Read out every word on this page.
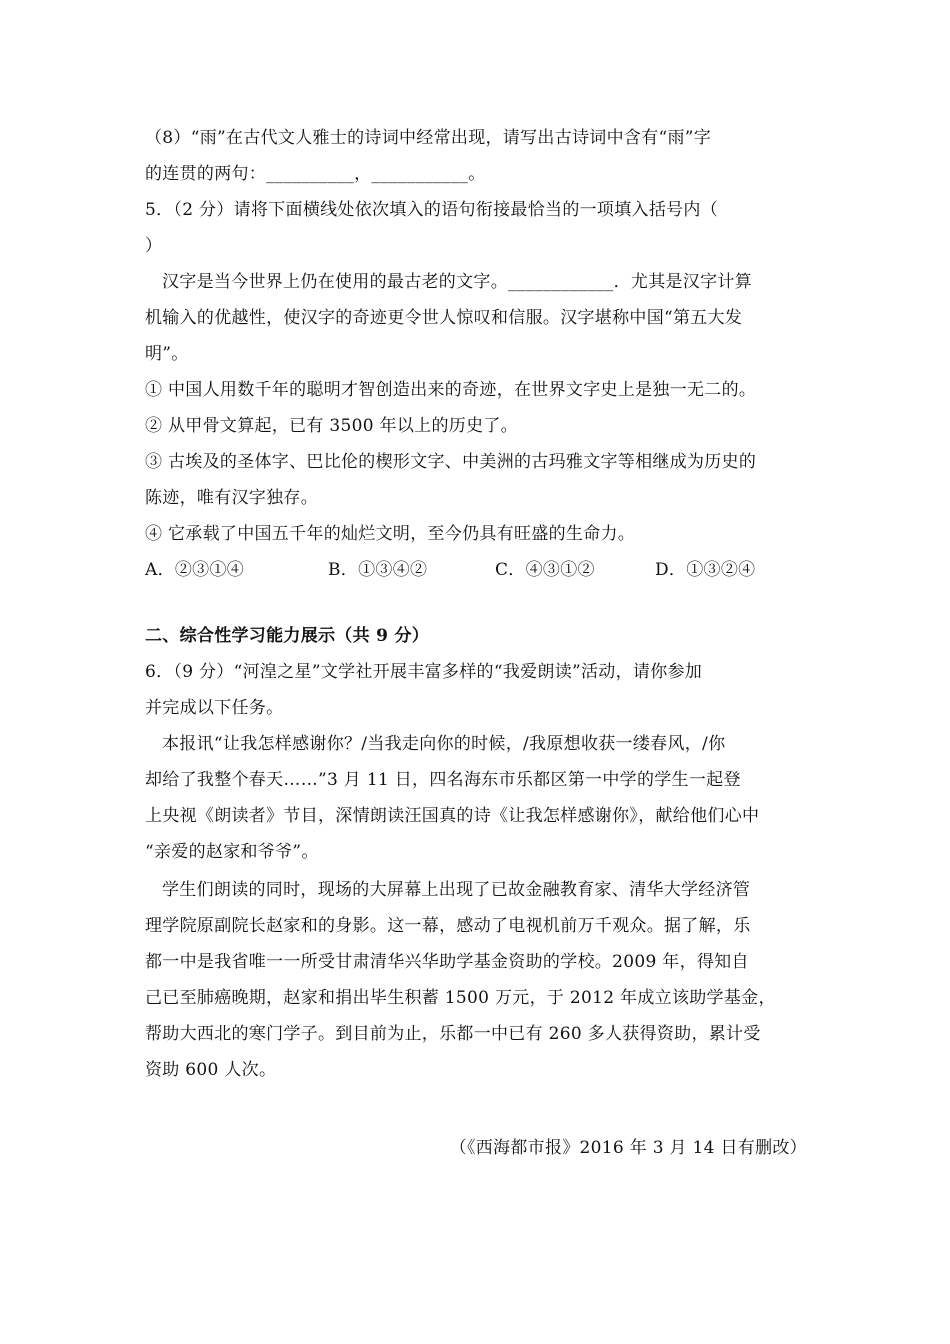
（8）“雨”在古代文人雅士的诗词中经常出现，请写出古诗词中含有“雨”字
的连贯的两句：__________，___________。
5．（2 分）请将下面横线处依次填入的语句衔接最恰当的一项填入括号内（
）
汉字是当今世界上仍在使用的最古老的文字。____________．尤其是汉字计算
机输入的优越性，使汉字的奇迹更令世人惊叹和信服。汉字堪称中国“第五大发
明”。
① 中国人用数千年的聪明才智创造出来的奇迹，在世界文字史上是独一无二的。
② 从甲骨文算起，已有 3500 年以上的历史了。
③ 古埃及的圣体字、巴比伦的楔形文字、中美洲的古玛雅文字等相继成为历史的
陈迹，唯有汉字独存。
④ 它承载了中国五千年的灿烂文明，至今仍具有旺盛的生命力。
A．②③①④	B．①③④②	C．④③①②	D．①③②④
二、综合性学习能力展示（共 9 分）
6．（9 分）“河湟之星”文学社开展丰富多样的“我爱朗读”活动，请你参加
并完成以下任务。
本报讯“让我怎样感谢你？/当我走向你的时候，/我原想收获一缕春风，/你
却给了我整个春天……”3 月 11 日，四名海东市乐都区第一中学的学生一起登
上央视《朗读者》节目，深情朗读汪国真的诗《让我怎样感谢你》，献给他们心中
“亲爱的赵家和爷爷”。
学生们朗读的同时，现场的大屏幕上出现了已故金融教育家、清华大学经济管
理学院原副院长赵家和的身影。这一幕，感动了电视机前万千观众。据了解，乐
都一中是我省唯一一所受甘肃清华兴华助学基金资助的学校。2009 年，得知自
己已至肺癌晚期，赵家和捐出毕生积蓄 1500 万元，于 2012 年成立该助学基金，
帮助大西北的寒门学子。到目前为止，乐都一中已有 260 多人获得资助，累计受
资助 600 人次。
（《西海都市报》2016 年 3 月 14 日有删改）
